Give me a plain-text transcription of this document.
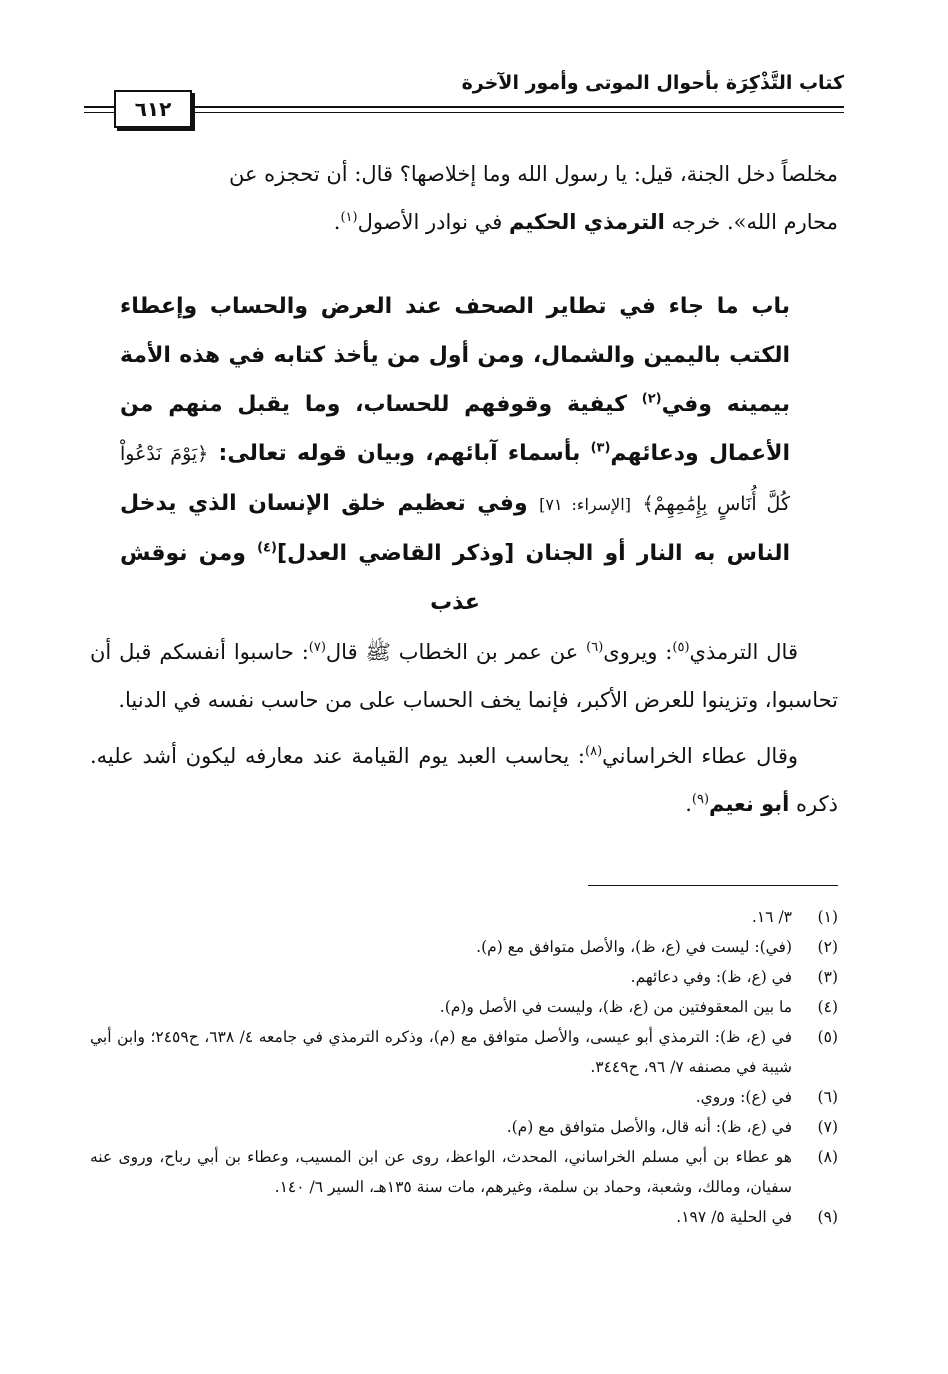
كتاب التَّذْكِرَة بأحوال الموتى وأمور الآخرة
٦١٢

مخلصاً دخل الجنة، قيل: يا رسول الله وما إخلاصها؟ قال: أن تحجزه عن

محارم الله». خرجه الترمذي الحكيم في نوادر الأصول$^{(١)}$.

باب ما جاء في تطاير الصحف عند العرض والحساب وإعطاء الكتب باليمين والشمال، ومن أول من يأخذ كتابه في هذه الأمة بيمينه وفي$^{(٢)}$ كيفية وقوفهم للحساب، وما يقبل منهم من الأعمال ودعائهم$^{(٣)}$ بأسماء آبائهم، وبيان قوله تعالى: ﴿يَوْمَ نَدْعُواْ كُلَّ أُنَاسٍ بِإِمَٰمِهِمْ﴾ [الإسراء: ٧١] وفي تعظيم خلق الإنسان الذي يدخل الناس به النار أو الجنان [وذكر القاضي العدل]$^{(٤)}$ ومن نوقش عذب

قال الترمذي$^{(٥)}$: ويروى$^{(٦)}$ عن عمر بن الخطاب ﷺ قال$^{(٧)}$: حاسبوا أنفسكم قبل أن تحاسبوا، وتزينوا للعرض الأكبر، فإنما يخف الحساب على من حاسب نفسه في الدنيا.

وقال عطاء الخراساني$^{(٨)}$: يحاسب العبد يوم القيامة عند معارفه ليكون أشد عليه. ذكره أبو نعيم$^{(٩)}$.

(١)
٣/ ١٦.
(٢)
(في): ليست في (ع، ظ)، والأصل متوافق مع (م).
(٣)
في (ع، ظ): وفي دعائهم.
(٤)
ما بين المعقوفتين من (ع، ظ)، وليست في الأصل و(م).
(٥)
في (ع، ظ): الترمذي أبو عيسى، والأصل متوافق مع (م)، وذكره الترمذي في جامعه ٤/ ٦٣٨، ح٢٤٥٩؛ وابن أبي شيبة في مصنفه ٧/ ٩٦، ح٣٤٤٩.
(٦)
في (ع): وروي.
(٧)
في (ع، ظ): أنه قال، والأصل متوافق مع (م).
(٨)
هو عطاء بن أبي مسلم الخراساني، المحدث، الواعظ، روى عن ابن المسيب، وعطاء بن أبي رباح، وروى عنه سفيان، ومالك، وشعبة، وحماد بن سلمة، وغيرهم، مات سنة ١٣٥هـ، السير ٦/ ١٤٠.
(٩)
في الحلية ٥/ ١٩٧.
